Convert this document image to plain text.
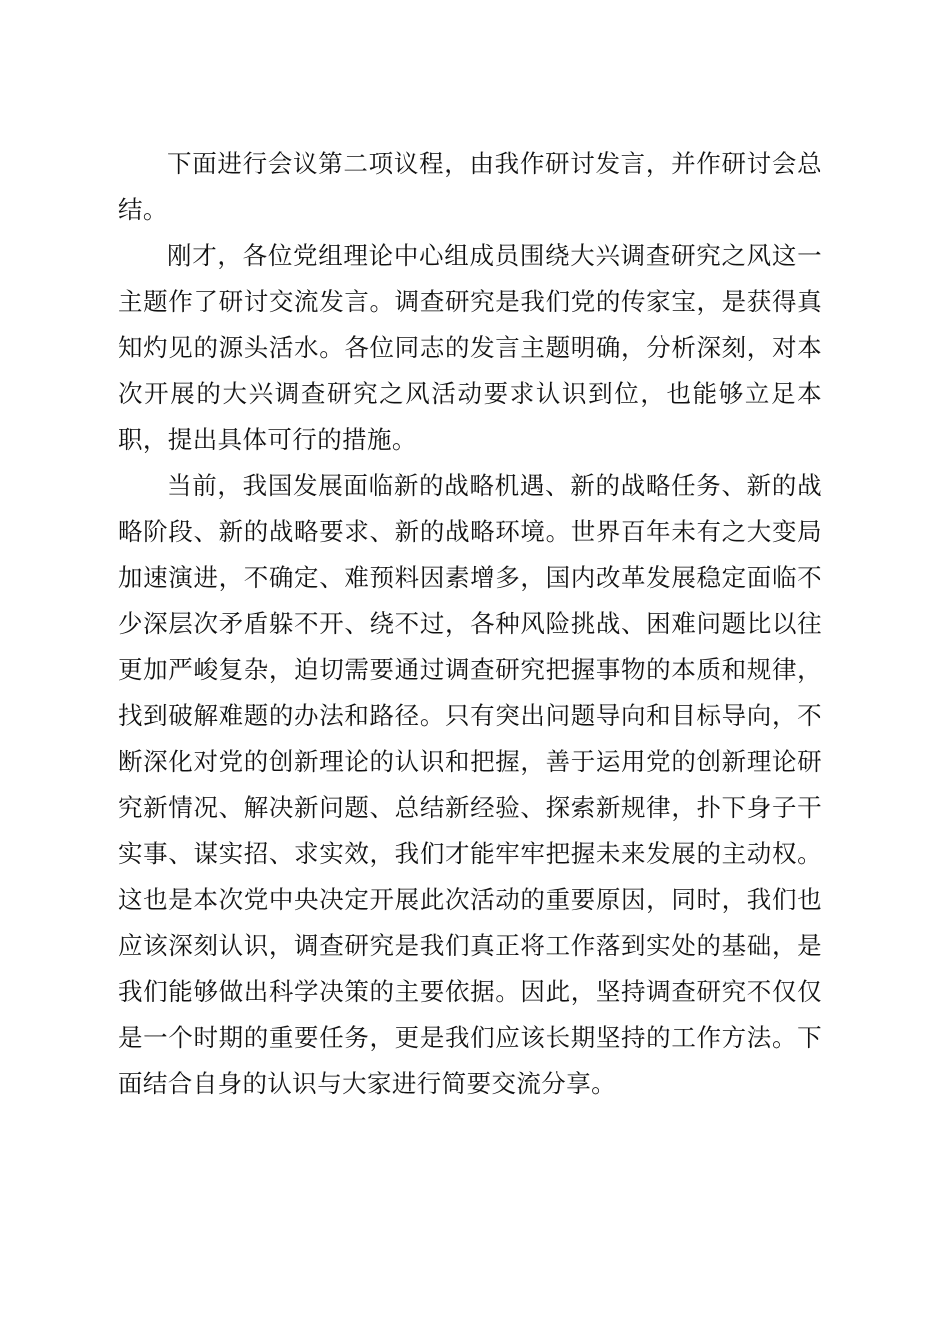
下面进行会议第二项议程，由我作研讨发言，并作研讨会总结。

刚才，各位党组理论中心组成员围绕大兴调查研究之风这一主题作了研讨交流发言。调查研究是我们党的传家宝，是获得真知灼见的源头活水。各位同志的发言主题明确，分析深刻，对本次开展的大兴调查研究之风活动要求认识到位，也能够立足本职，提出具体可行的措施。

当前，我国发展面临新的战略机遇、新的战略任务、新的战略阶段、新的战略要求、新的战略环境。世界百年未有之大变局加速演进，不确定、难预料因素增多，国内改革发展稳定面临不少深层次矛盾躲不开、绕不过，各种风险挑战、困难问题比以往更加严峻复杂，迫切需要通过调查研究把握事物的本质和规律，找到破解难题的办法和路径。只有突出问题导向和目标导向，不断深化对党的创新理论的认识和把握，善于运用党的创新理论研究新情况、解决新问题、总结新经验、探索新规律，扑下身子干实事、谋实招、求实效，我们才能牢牢把握未来发展的主动权。这也是本次党中央决定开展此次活动的重要原因，同时，我们也应该深刻认识，调查研究是我们真正将工作落到实处的基础，是我们能够做出科学决策的主要依据。因此，坚持调查研究不仅仅是一个时期的重要任务，更是我们应该长期坚持的工作方法。下面结合自身的认识与大家进行简要交流分享。
